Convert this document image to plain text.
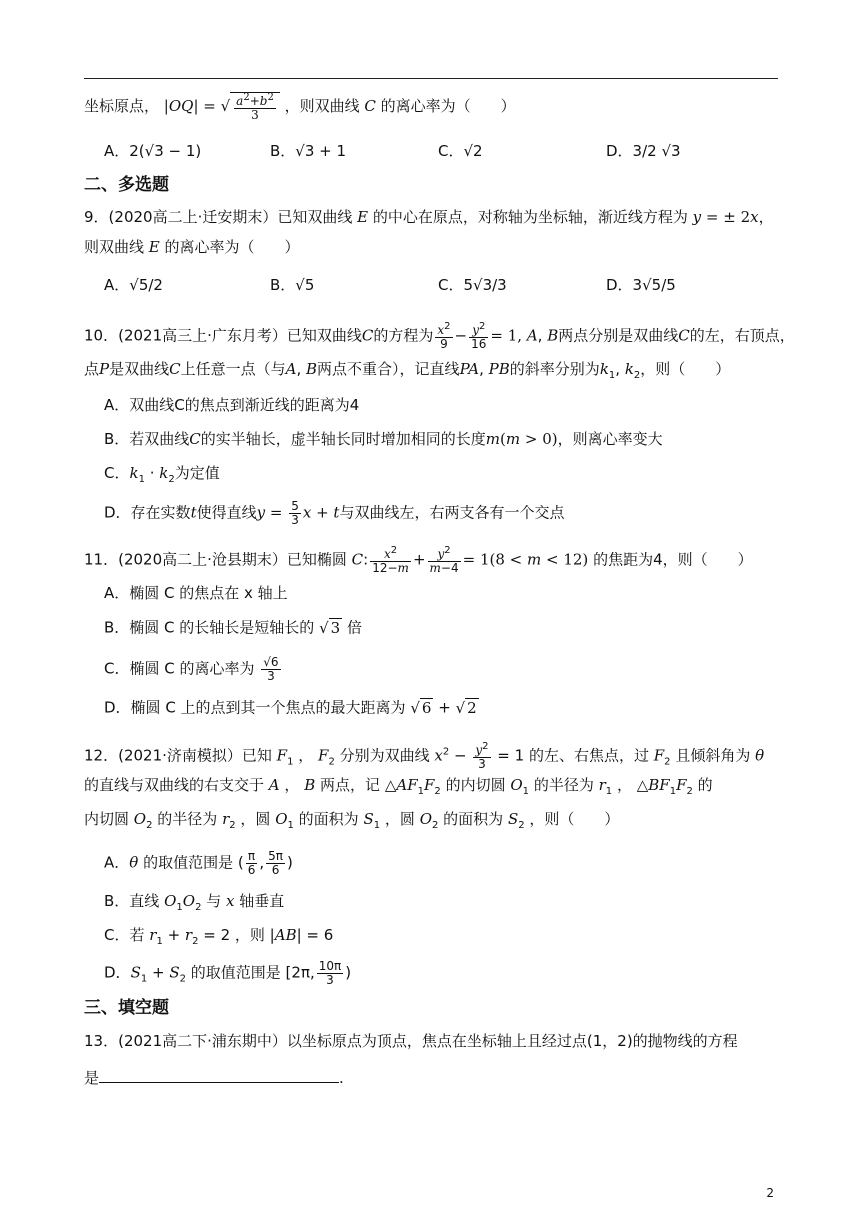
坐标原点， |OQ| = √ $\frac{a^2+b^2}{3}$ ，则双曲线 C 的离心率为（　　）
A．2(√3 − 1)	B．√3 + 1	C．√2	D．3/2 √3
二、多选题
9．(2020高二上·迁安期末）已知双曲线 E 的中心在原点，对称轴为坐标轴，渐近线方程为 y = ± 2x，
则双曲线 E 的离心率为（　　）
A．√5/2	B．√5	C．5√3/3	D．3√5/5
10．(2021高三上·广东月考）已知双曲线C的方程为 $\frac{x^2}{9} - \frac{y^2}{16} = 1$, A, B两点分别是双曲线C的左，右顶点，
点P是双曲线C上任意一点（与A, B两点不重合），记直线PA, PB的斜率分别为$k_1$, $k_2$，则（　　）
A．双曲线C的焦点到渐近线的距离为4
B．若双曲线C的实半轴长，虚半轴长同时增加相同的长度m(m > 0)，则离心率变大
C．$k_1 \cdot k_2$为定值
D．存在实数t使得直线$y = \frac{5}{3}$ x + t与双曲线左，右两支各有一个交点
11．(2020高二上·沧县期末）已知椭圆 C: $\frac{x^2}{12-m} + \frac{y^2}{m-4} = 1(8 < m < 12)$ 的焦距为4，则（　　）
A．椭圆 C 的焦点在 x 轴上
B．椭圆 C 的长轴长是短轴长的 √ 3 倍
C．椭圆 C 的离心率为 $\frac{√6}{3}$
D．椭圆 C 上的点到其一个焦点的最大距离为 √ 6 + √ 2
12．(2021·济南模拟）已知 $F_1$ ， $F_2$ 分别为双曲线 $x^2 - \frac{y^2}{3} = 1$ 的左、右焦点，过 $F_2$ 且倾斜角为 θ
的直线与双曲线的右支交于 A ， B 两点，记 $\triangle AF_1F_2$ 的内切圆 $O_1$ 的半径为 $r_1$ ， $\triangle BF_1F_2$ 的
内切圆 $O_2$ 的半径为 $r_2$ ，圆 $O_1$ 的面积为 $S_1$ ，圆 $O_2$ 的面积为 $S_2$ ，则（　　）
A．θ 的取值范围是 ( $\frac{\pi}{6}$ , $\frac{5\pi}{6}$ )
B．直线 $O_1O_2$ 与 x 轴垂直
C．若 $r_1 + r_2 = 2$ ，则 |AB| = 6
D．$S_1 + S_2$ 的取值范围是 [2π, $\frac{10\pi}{3}$ )
三、填空题
13．(2021高二下·浦东期中）以坐标原点为顶点，焦点在坐标轴上且经过点(1，2)的抛物线的方程
是	.
2
